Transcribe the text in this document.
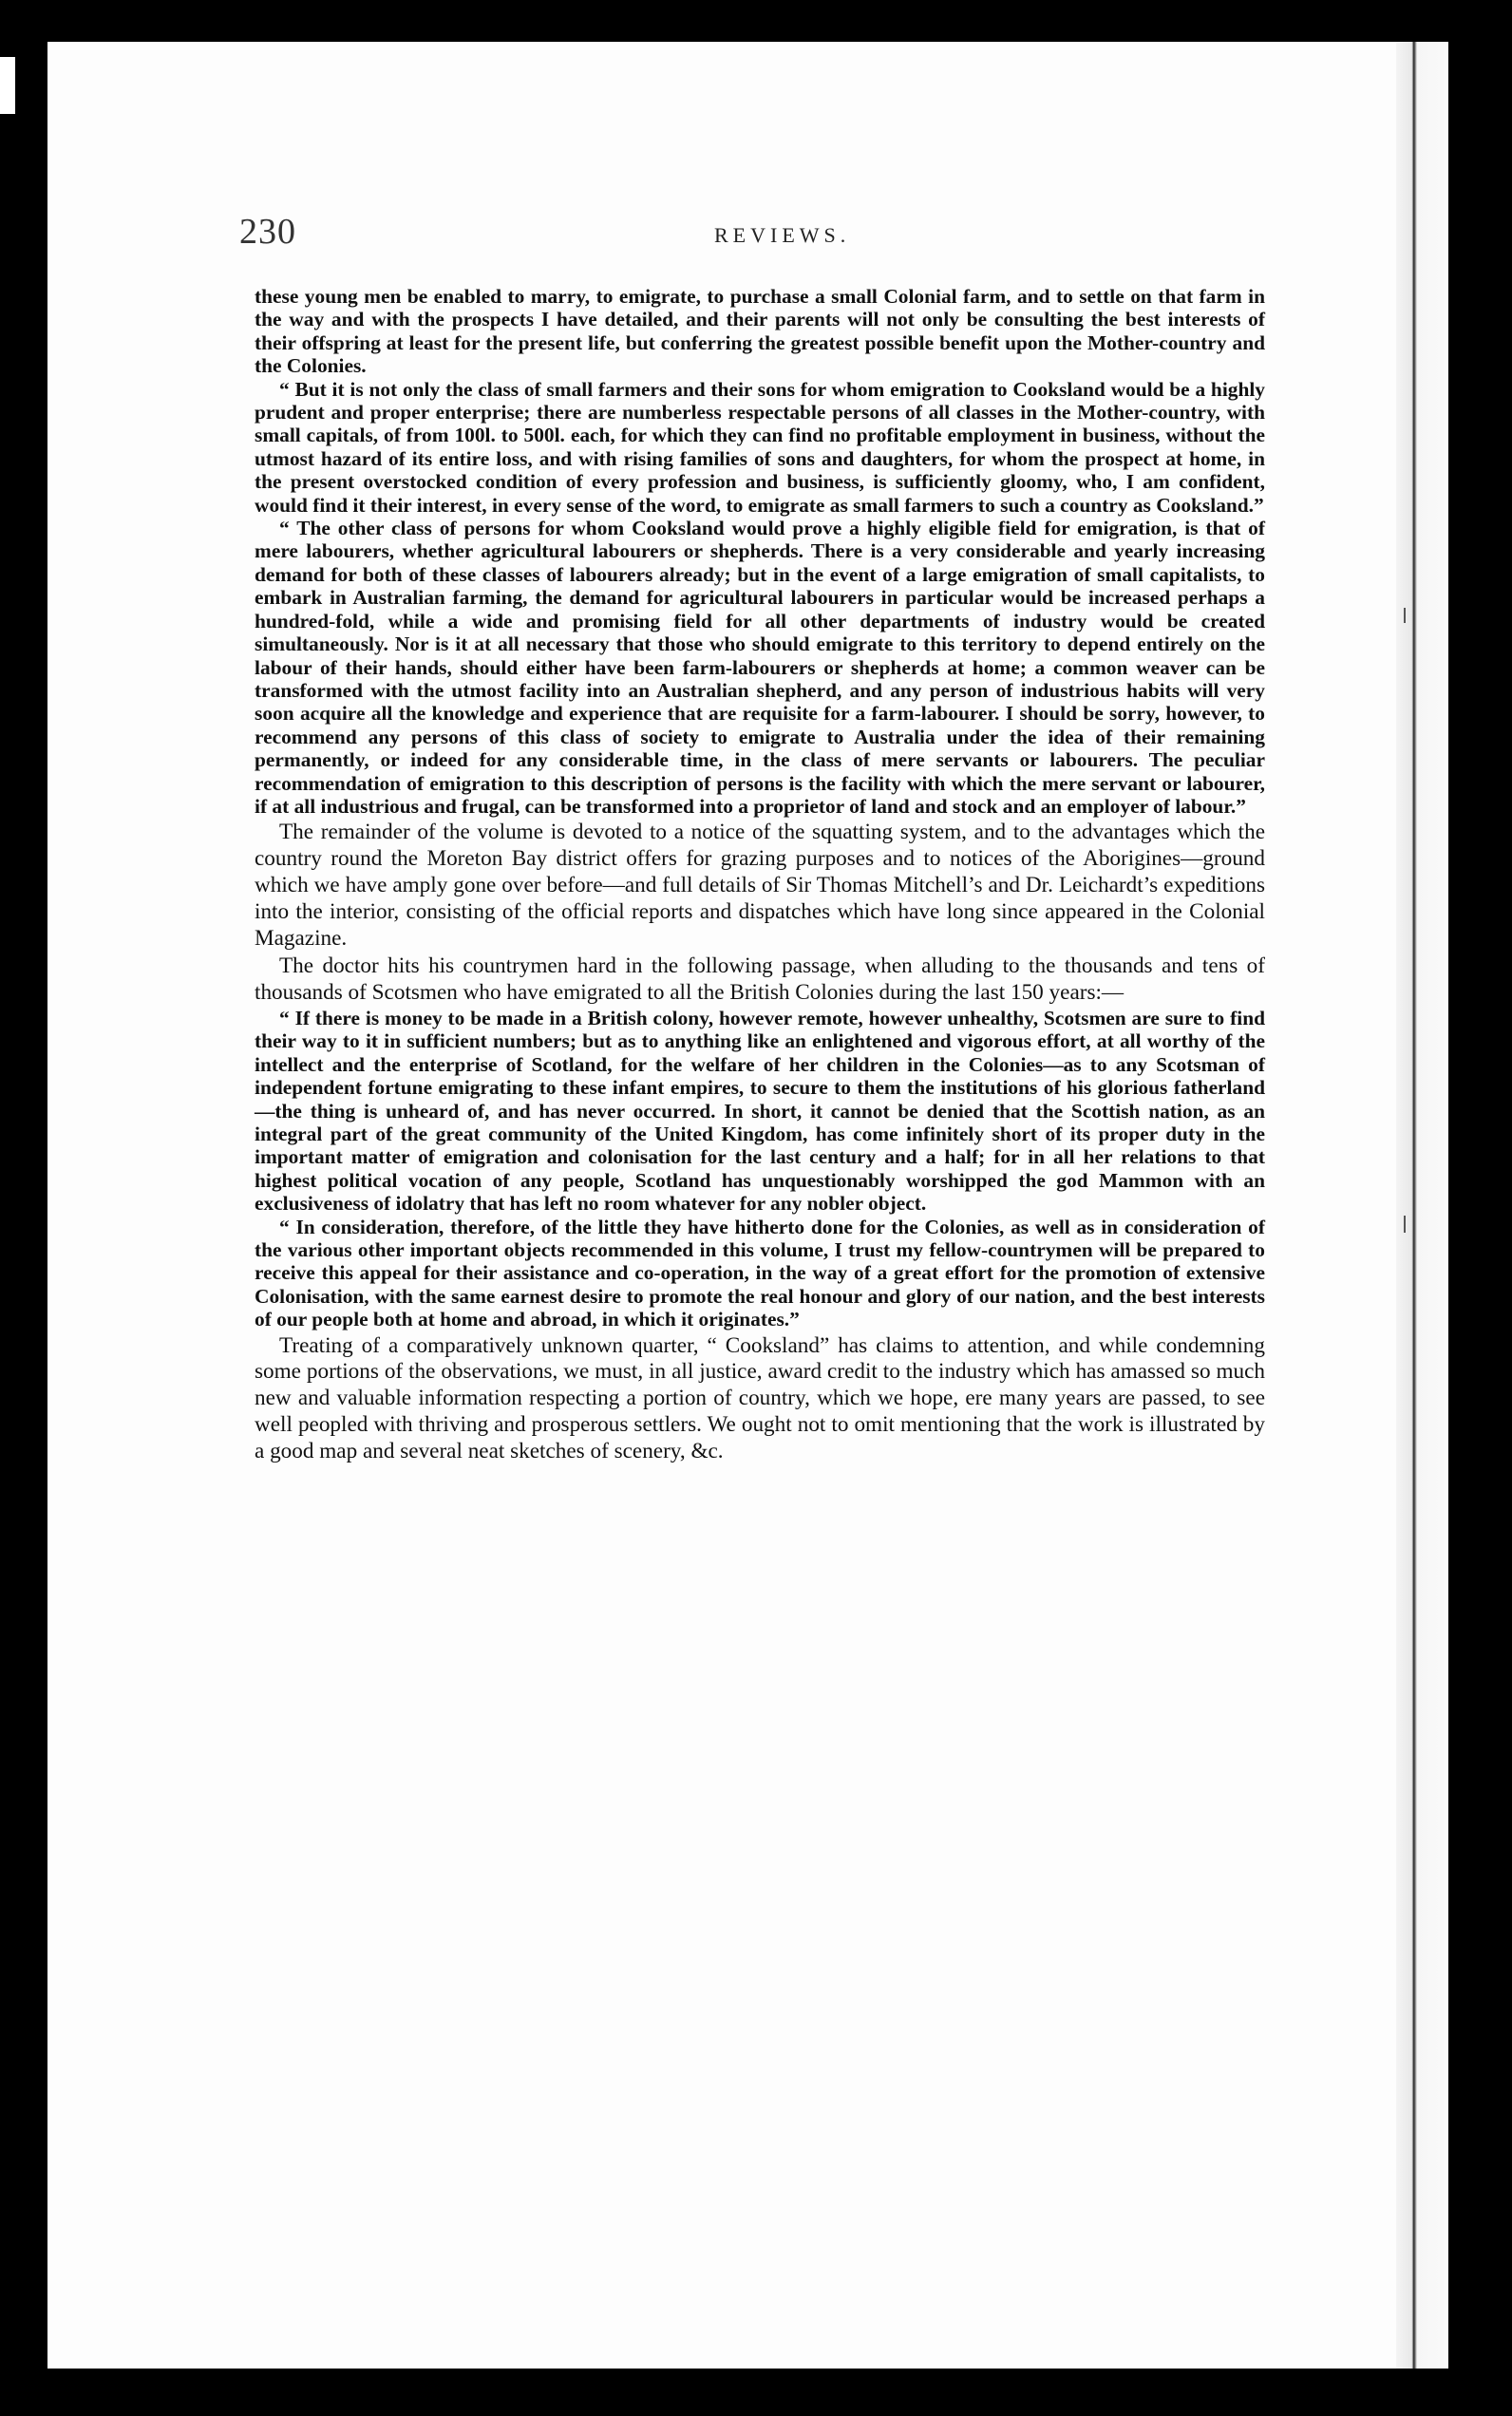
230	REVIEWS.

these young men be enabled to marry, to emigrate, to purchase a small Colonial farm, and to settle on that farm in the way and with the prospects I have detailed, and their parents will not only be consulting the best interests of their offspring at least for the present life, but conferring the greatest possible benefit upon the Mother-country and the Colonies.

“ But it is not only the class of small farmers and their sons for whom emigration to Cooksland would be a highly prudent and proper enterprise; there are numberless respectable persons of all classes in the Mother-country, with small capitals, of from 100l. to 500l. each, for which they can find no profitable employment in business, without the utmost hazard of its entire loss, and with rising families of sons and daughters, for whom the prospect at home, in the present overstocked condition of every profession and business, is sufficiently gloomy, who, I am confident, would find it their interest, in every sense of the word, to emigrate as small farmers to such a country as Cooksland.”

“ The other class of persons for whom Cooksland would prove a highly eligible field for emigration, is that of mere labourers, whether agricultural labourers or shepherds. There is a very considerable and yearly increasing demand for both of these classes of labourers already; but in the event of a large emigration of small capitalists, to embark in Australian farming, the demand for agricultural labourers in particular would be increased perhaps a hundred-fold, while a wide and promising field for all other departments of industry would be created simultaneously. Nor is it at all necessary that those who should emigrate to this territory to depend entirely on the labour of their hands, should either have been farm-labourers or shepherds at home; a common weaver can be transformed with the utmost facility into an Australian shepherd, and any person of industrious habits will very soon acquire all the knowledge and experience that are requisite for a farm-labourer. I should be sorry, however, to recommend any persons of this class of society to emigrate to Australia under the idea of their remaining permanently, or indeed for any considerable time, in the class of mere servants or labourers. The peculiar recommendation of emigration to this description of persons is the facility with which the mere servant or labourer, if at all industrious and frugal, can be transformed into a proprietor of land and stock and an employer of labour.”

The remainder of the volume is devoted to a notice of the squatting system, and to the advantages which the country round the Moreton Bay district offers for grazing purposes and to notices of the Aborigines—ground which we have amply gone over before—and full details of Sir Thomas Mitchell’s and Dr. Leichardt’s expeditions into the interior, consisting of the official reports and dispatches which have long since appeared in the Colonial Magazine.

The doctor hits his countrymen hard in the following passage, when alluding to the thousands and tens of thousands of Scotsmen who have emigrated to all the British Colonies during the last 150 years:—

“ If there is money to be made in a British colony, however remote, however unhealthy, Scotsmen are sure to find their way to it in sufficient numbers; but as to anything like an enlightened and vigorous effort, at all worthy of the intellect and the enterprise of Scotland, for the welfare of her children in the Colonies—as to any Scotsman of independent fortune emigrating to these infant empires, to secure to them the institutions of his glorious fatherland—the thing is unheard of, and has never occurred. In short, it cannot be denied that the Scottish nation, as an integral part of the great community of the United Kingdom, has come infinitely short of its proper duty in the important matter of emigration and colonisation for the last century and a half; for in all her relations to that highest political vocation of any people, Scotland has unquestionably worshipped the god Mammon with an exclusiveness of idolatry that has left no room whatever for any nobler object.

“ In consideration, therefore, of the little they have hitherto done for the Colonies, as well as in consideration of the various other important objects recommended in this volume, I trust my fellow-countrymen will be prepared to receive this appeal for their assistance and co-operation, in the way of a great effort for the promotion of extensive Colonisation, with the same earnest desire to promote the real honour and glory of our nation, and the best interests of our people both at home and abroad, in which it originates.”

Treating of a comparatively unknown quarter, “ Cooksland” has claims to attention, and while condemning some portions of the observations, we must, in all justice, award credit to the industry which has amassed so much new and valuable information respecting a portion of country, which we hope, ere many years are passed, to see well peopled with thriving and prosperous settlers. We ought not to omit mentioning that the work is illustrated by a good map and several neat sketches of scenery, &c.
